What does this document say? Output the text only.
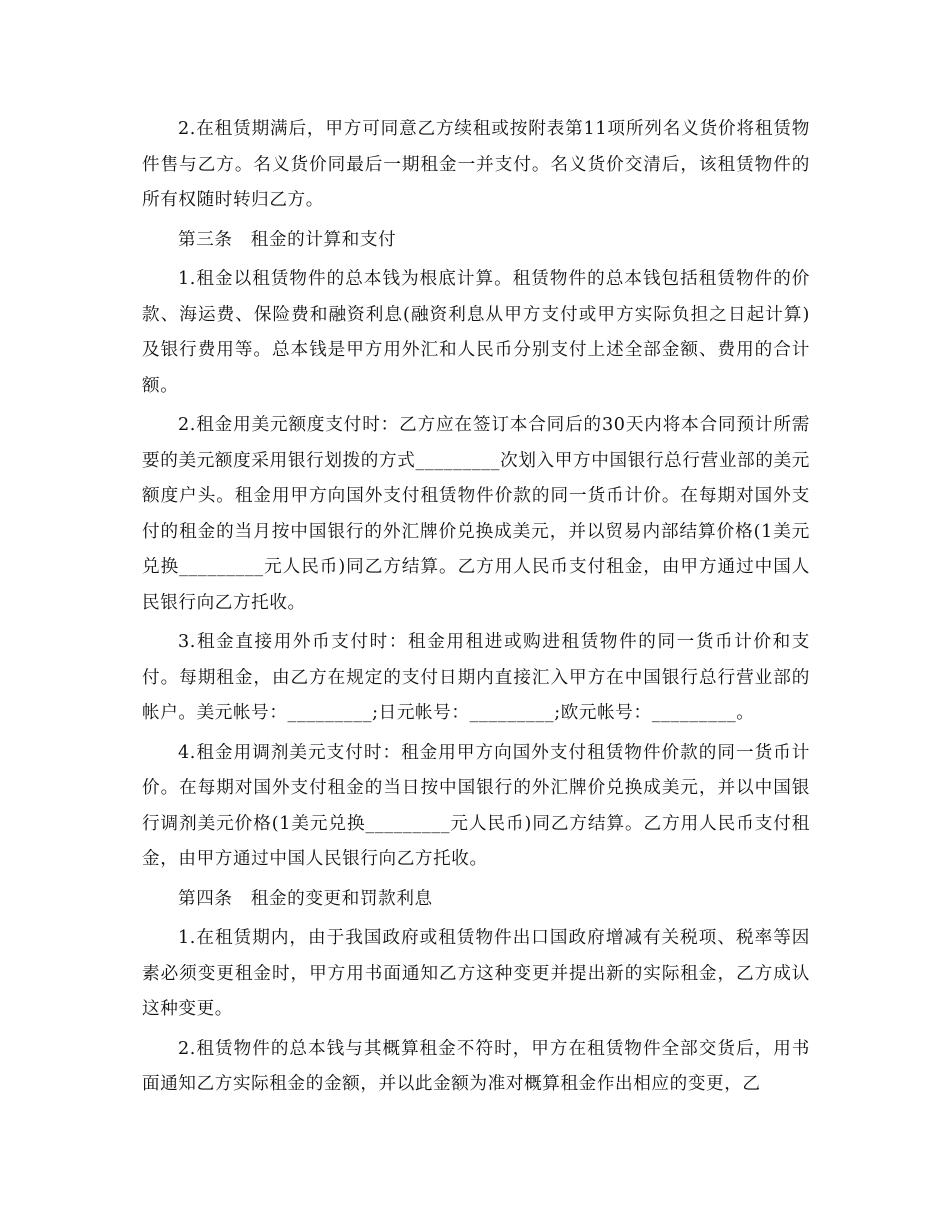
2.在租赁期满后，甲方可同意乙方续租或按附表第11项所列名义货价将租赁物件售与乙方。名义货价同最后一期租金一并支付。名义货价交清后，该租赁物件的所有权随时转归乙方。

第三条　租金的计算和支付

1.租金以租赁物件的总本钱为根底计算。租赁物件的总本钱包括租赁物件的价款、海运费、保险费和融资利息(融资利息从甲方支付或甲方实际负担之日起计算)及银行费用等。总本钱是甲方用外汇和人民币分别支付上述全部金额、费用的合计额。

2.租金用美元额度支付时：乙方应在签订本合同后的30天内将本合同预计所需要的美元额度采用银行划拨的方式_________次划入甲方中国银行总行营业部的美元额度户头。租金用甲方向国外支付租赁物件价款的同一货币计价。在每期对国外支付的租金的当月按中国银行的外汇牌价兑换成美元，并以贸易内部结算价格(1美元兑换_________元人民币)同乙方结算。乙方用人民币支付租金，由甲方通过中国人民银行向乙方托收。

3.租金直接用外币支付时：租金用租进或购进租赁物件的同一货币计价和支付。每期租金，由乙方在规定的支付日期内直接汇入甲方在中国银行总行营业部的帐户。美元帐号：_________;日元帐号：_________;欧元帐号：_________。

4.租金用调剂美元支付时：租金用甲方向国外支付租赁物件价款的同一货币计价。在每期对国外支付租金的当日按中国银行的外汇牌价兑换成美元，并以中国银行调剂美元价格(1美元兑换_________元人民币)同乙方结算。乙方用人民币支付租金，由甲方通过中国人民银行向乙方托收。

第四条　租金的变更和罚款利息

1.在租赁期内，由于我国政府或租赁物件出口国政府增减有关税项、税率等因素必须变更租金时，甲方用书面通知乙方这种变更并提出新的实际租金，乙方成认这种变更。

2.租赁物件的总本钱与其概算租金不符时，甲方在租赁物件全部交货后，用书面通知乙方实际租金的金额，并以此金额为准对概算租金作出相应的变更，乙
